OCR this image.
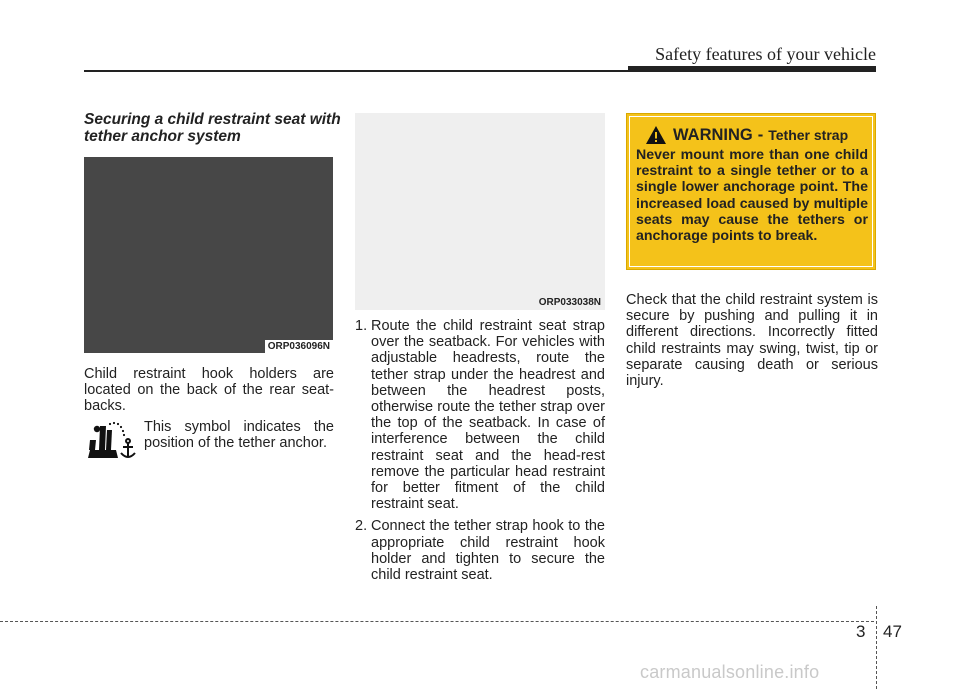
Safety features of your vehicle
Securing a child restraint seat with tether anchor system
ORP036096N
Child restraint hook holders are located on the back of the rear seat-backs.
This symbol indicates the position of the tether anchor.
ORP033038N
1. Route the child restraint seat strap over the seatback. For vehicles with adjustable headrests, route the tether strap under the headrest and between the headrest posts, otherwise route the tether strap over the top of the seatback. In case of interference between the child restraint seat and the head-rest remove the particular head restraint for better fitment of the child restraint seat.
2. Connect the tether strap hook to the appropriate child restraint hook holder and tighten to secure the child restraint seat.
WARNING - Tether strap
Never mount more than one child restraint to a single tether or to a single lower anchorage point. The increased load caused by multiple seats may cause the tethers or anchorage points to break.
Check that the child restraint system is secure by pushing and pulling it in different directions. Incorrectly fitted child restraints may swing, twist, tip or separate causing death or serious injury.
3 47
carmanualsonline.info
